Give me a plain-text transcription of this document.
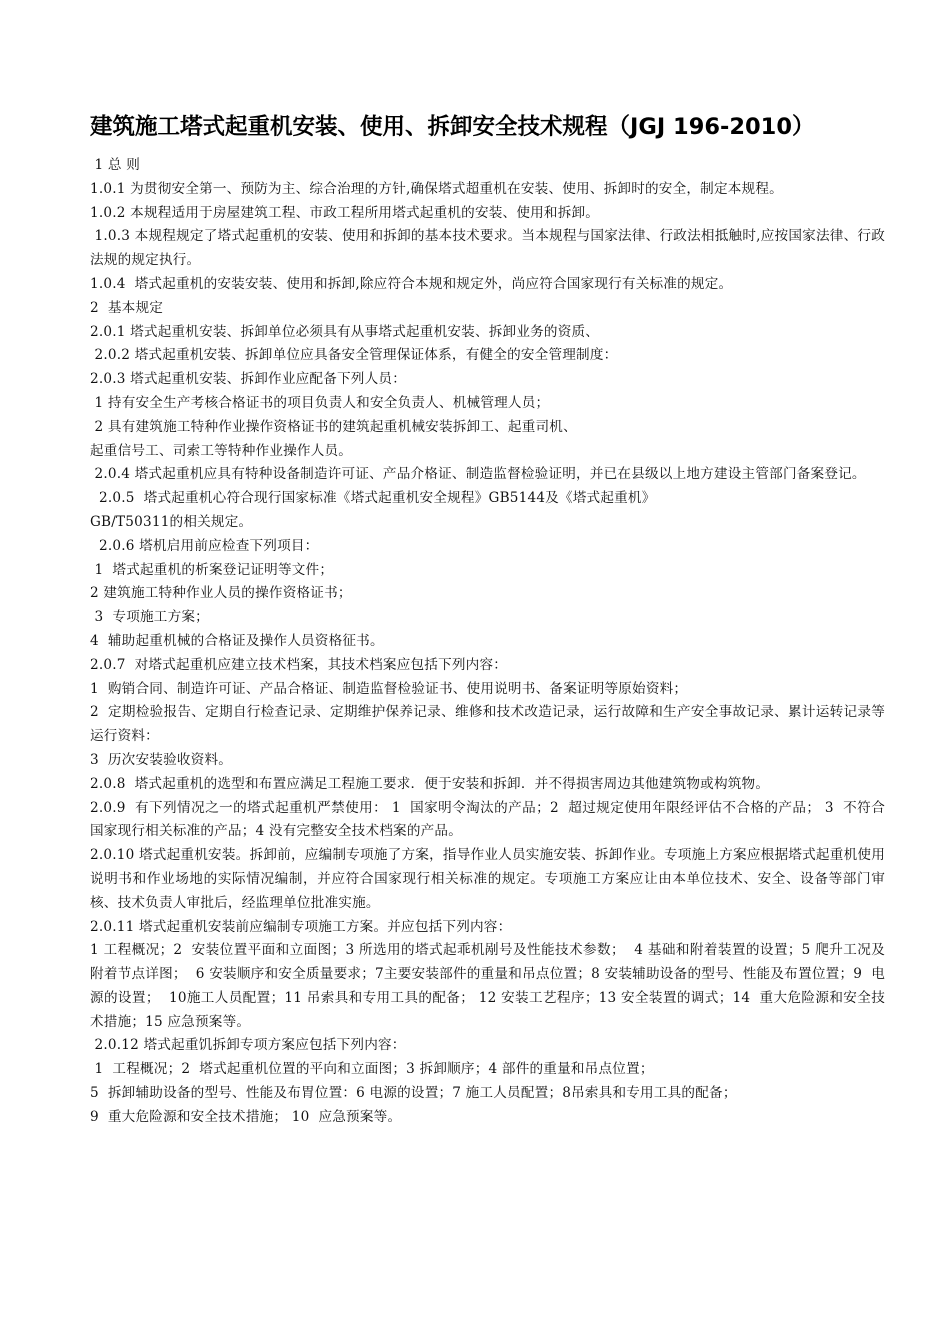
建筑施工塔式起重机安装、使用、拆卸安全技术规程（JGJ 196-2010）

1 总 则

1.0.1 为贯彻安全第一、预防为主、综合治理的方针,确保塔式超重机在安装、使用、拆卸时的安全，制定本规程。

1.0.2 本规程适用于房屋建筑工程、市政工程所用塔式起重机的安装、使用和拆卸。

1.0.3 本规程规定了塔式起重机的安装、使用和拆卸的基本技术要求。当本规程与国家法律、行政法相抵触时,应按国家法律、行政法规的规定执行。

1.0.4  塔式起重机的安装安装、使用和拆卸,除应符合本规和规定外，尚应符合国家现行有关标准的规定。

2  基本规定

2.0.1 塔式起重机安装、拆卸单位必须具有从事塔式起重机安装、拆卸业务的资质、

2.0.2 塔式起重机安装、拆卸单位应具备安全管理保证体系，有健全的安全管理制度：

2.0.3 塔式起重机安装、拆卸作业应配备下列人员：

1 持有安全生产考核合格证书的项目负责人和安全负责人、机械管理人员；

2 具有建筑施工特种作业操作资格证书的建筑起重机械安装拆卸工、起重司机、

起重信号工、司索工等特种作业操作人员。

2.0.4 塔式起重机应具有特种设备制造许可证、产品介格证、制造监督检验证明，并已在县级以上地方建设主管部门备案登记。

2.0.5  塔式起重机心符合现行国家标准《塔式起重机安全规程》GB5144及《塔式起重机》

GB/T50311的相关规定。

2.0.6 塔机启用前应检查下列项目：

1  塔式起重机的析案登记证明等文件；

2 建筑施工特种作业人员的操作资格证书；

3  专项施工方案；

4  辅助起重机械的合格证及操作人员资格征书。

2.0.7  对塔式起重机应建立技术档案，其技术档案应包括下列内容：

1  购销合同、制造许可证、产品合格证、制造监督检验证书、使用说明书、备案证明等原始资料；

2  定期检验报告、定期自行检查记录、定期维护保养记录、维修和技术改造记录，运行故障和生产安全事故记录、累计运转记录等运行资料：

3  历次安装验收资料。

2.0.8  塔式起重机的选型和布置应满足工程施工要求．便于安装和拆卸．并不得损害周边其他建筑物或构筑物。

2.0.9  有下列情况之一的塔式起重机严禁使用： 1  国家明令淘汰的产品；2  超过规定使用年限经评估不合格的产品； 3  不符合国家现行相关标准的产品；4 没有完整安全技术档案的产品。

2.0.10 塔式起重机安装。拆卸前，应编制专项施了方案，指导作业人员实施安装、拆卸作业。专项施上方案应根据塔式起重机使用说明书和作业场地的实际情况编制，并应符合国家现行相关标准的规定。专项施工方案应让由本单位技术、安全、设备等部门审核、技术负责人审批后，经监理单位批准实施。

2.0.11 塔式起重机安装前应编制专项施工方案。并应包括下列内容：

1 工程概况；2  安装位置平面和立面图；3 所选用的塔式起乖机剐号及性能技术参数；  4 基础和附着装置的设置；5 爬升工况及附着节点详图；  6 安装顺序和安全质量要求；7主要安装部件的重量和吊点位置；8 安装辅助设备的型号、性能及布置位置；9  电源的设置；  10施工人员配置；11 吊索具和专用工具的配备； 12 安装工艺程序；13 安全装置的调式；14  重大危险源和安全技术措施；15 应急预案等。

2.0.12 塔式起重饥拆卸专项方案应包括下列内容：

1  工程概况；2  塔式起重机位置的平向和立面图；3 拆卸顺序；4 部件的重量和吊点位置；

5  拆卸辅助设备的型号、性能及布胃位置：6 电源的设置；7 施工人员配置；8吊索具和专用工具的配备；

9  重大危险源和安全技术措施； 10  应急预案等。
